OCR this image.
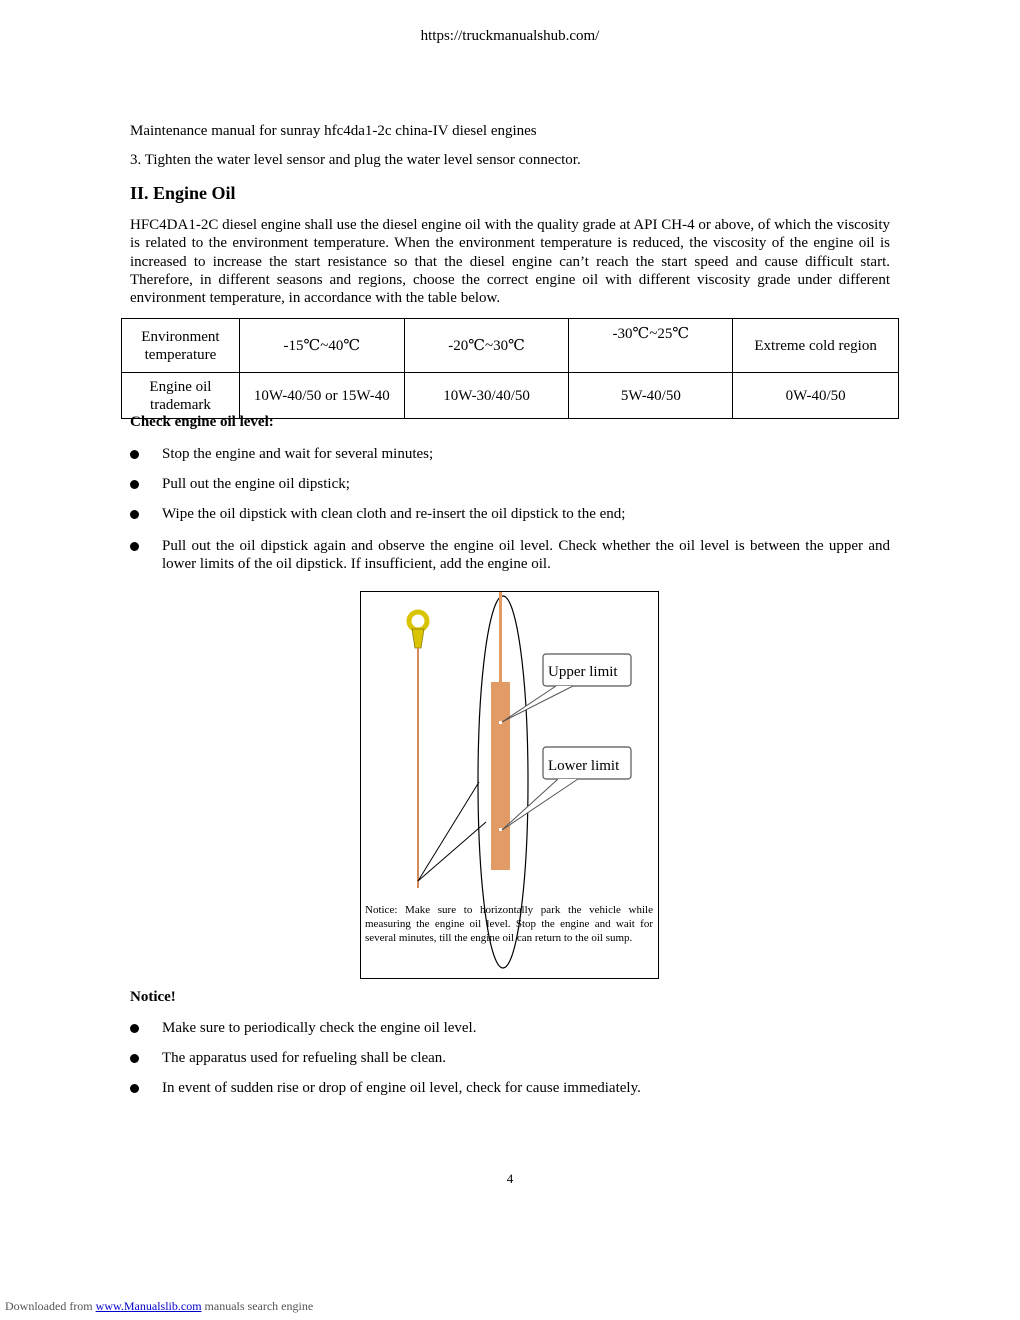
https://truckmanualshub.com/
Maintenance manual for sunray hfc4da1-2c china-IV diesel engines
3. Tighten the water level sensor and plug the water level sensor connector.
II. Engine Oil
HFC4DA1-2C diesel engine shall use the diesel engine oil with the quality grade at API CH-4 or above, of which the viscosity is related to the environment temperature. When the environment temperature is reduced, the viscosity of the engine oil is increased to increase the start resistance so that the diesel engine can’t reach the start speed and cause difficult start. Therefore, in different seasons and regions, choose the correct engine oil with different viscosity grade under different environment temperature, in accordance with the table below.
Environment temperature	-15℃~40℃	-20℃~30℃	-30℃~25℃	Extreme cold region
Engine oil trademark	10W-40/50 or 15W-40	10W-30/40/50	5W-40/50	0W-40/50
Check engine oil level:
Stop the engine and wait for several minutes;
Pull out the engine oil dipstick;
Wipe the oil dipstick with clean cloth and re-insert the oil dipstick to the end;
Pull out the oil dipstick again and observe the engine oil level. Check whether the oil level is between the upper and lower limits of the oil dipstick. If insufficient, add the engine oil.
Upper limit
Lower limit
Notice: Make sure to horizontally park the vehicle while measuring the engine oil level. Stop the engine and wait for several minutes, till the engine oil can return to the oil sump.
Notice!
Make sure to periodically check the engine oil level.
The apparatus used for refueling shall be clean.
In event of sudden rise or drop of engine oil level, check for cause immediately.
4
Downloaded from www.Manualslib.com manuals search engine
